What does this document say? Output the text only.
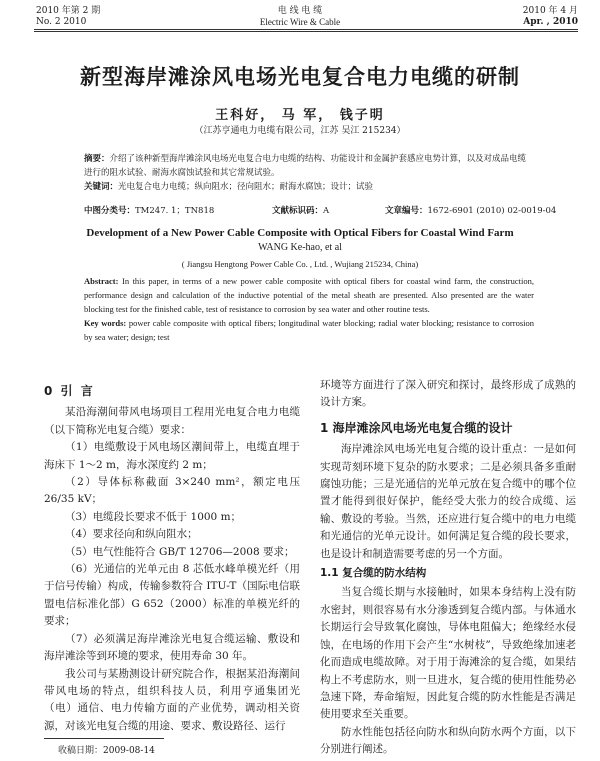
2010 年第 2 期
No. 2 2010
电 线 电 缆
Electric Wire & Cable
2010 年 4 月
Apr. , 2010
新型海岸滩涂风电场光电复合电力电缆的研制
王科好， 马 军， 钱子明
（江苏亨通电力电缆有限公司，江苏 吴江 215234）
摘要：介绍了该种新型海岸滩涂风电场光电复合电力电缆的结构、功能设计和金属护套感应电势计算，以及对成品电缆进行的阻水试验、耐海水腐蚀试验和其它常规试验。
关键词：光电复合电力电缆；纵向阻水；径向阻水；耐海水腐蚀；设计；试验
中图分类号：TM247. 1；TN818	文献标识码：A	文章编号：1672-6901 (2010) 02-0019-04
Development of a New Power Cable Composite with Optical Fibers for Coastal Wind Farm
WANG Ke-hao, et al
( Jiangsu Hengtong Power Cable Co. , Ltd. , Wujiang 215234, China)
Abstract: In this paper, in terms of a new power cable composite with optical fibers for coastal wind farm, the construction, performance design and calculation of the inductive potential of the metal sheath are presented. Also presented are the water blocking test for the finished cable, test of resistance to corrosion by sea water and other routine tests.
Key words: power cable composite with optical fibers; longitudinal water blocking; radial water blocking; resistance to corrosion by sea water; design; test

0 引 言

某沿海潮间带风电场项目工程用光电复合电力电缆（以下简称光电复合缆）要求：

（1）电缆敷设于风电场区潮间带上，电缆直埋于海床下 1～2 m，海水深度约 2 m；

（2）导体标称截面 3×240 mm²，额定电压 26/35 kV；

（3）电缆段长要求不低于 1000 m；

（4）要求径向和纵向阻水；

（5）电气性能符合 GB/T 12706—2008 要求；

（6）光通信的光单元由 8 芯低水峰单模光纤（用于信号传输）构成，传输参数符合 ITU-T（国际电信联盟电信标准化部）G 652（2000）标准的单模光纤的要求；

（7）必须满足海岸滩涂光电复合缆运输、敷设和海岸滩涂等到环境的要求，使用寿命 30 年。

我公司与某勘测设计研究院合作，根据某沿海潮间带风电场的特点，组织科技人员，利用亨通集团光（电）通信、电力传输方面的产业优势，调动相关资源，对该光电复合缆的用途、要求、敷设路径、运行

收稿日期：2009-08-14

环境等方面进行了深入研究和探讨，最终形成了成熟的设计方案。

1 海岸滩涂风电场光电复合缆的设计

海岸滩涂风电场光电复合缆的设计重点：一是如何实现苛刻环境下复杂的防水要求；二是必须具备多重耐腐蚀功能；三是光通信的光单元放在复合缆中的哪个位置才能得到很好保护，能经受大张力的绞合成缆、运输、敷设的考验。当然，还应进行复合缆中的电力电缆和光通信的光单元设计。如何满足复合缆的段长要求，也是设计和制造需要考虑的另一个方面。

1.1 复合缆的防水结构

当复合缆长期与水接触时，如果本身结构上没有防水密封，则很容易有水分渗透到复合缆内部。与体通水长期运行会导致氧化腐蚀，导体电阻偏大；绝缘经水侵蚀，在电场的作用下会产生“水树枝”，导致绝缘加速老化而造成电缆故障。对于用于海滩涂的复合缆，如果结构上不考虑防水，则一旦进水，复合缆的使用性能势必急速下降，寿命缩短，因此复合缆的防水性能是否满足使用要求至关重要。

防水性能包括径向防水和纵向防水两个方面，以下分别进行阐述。
